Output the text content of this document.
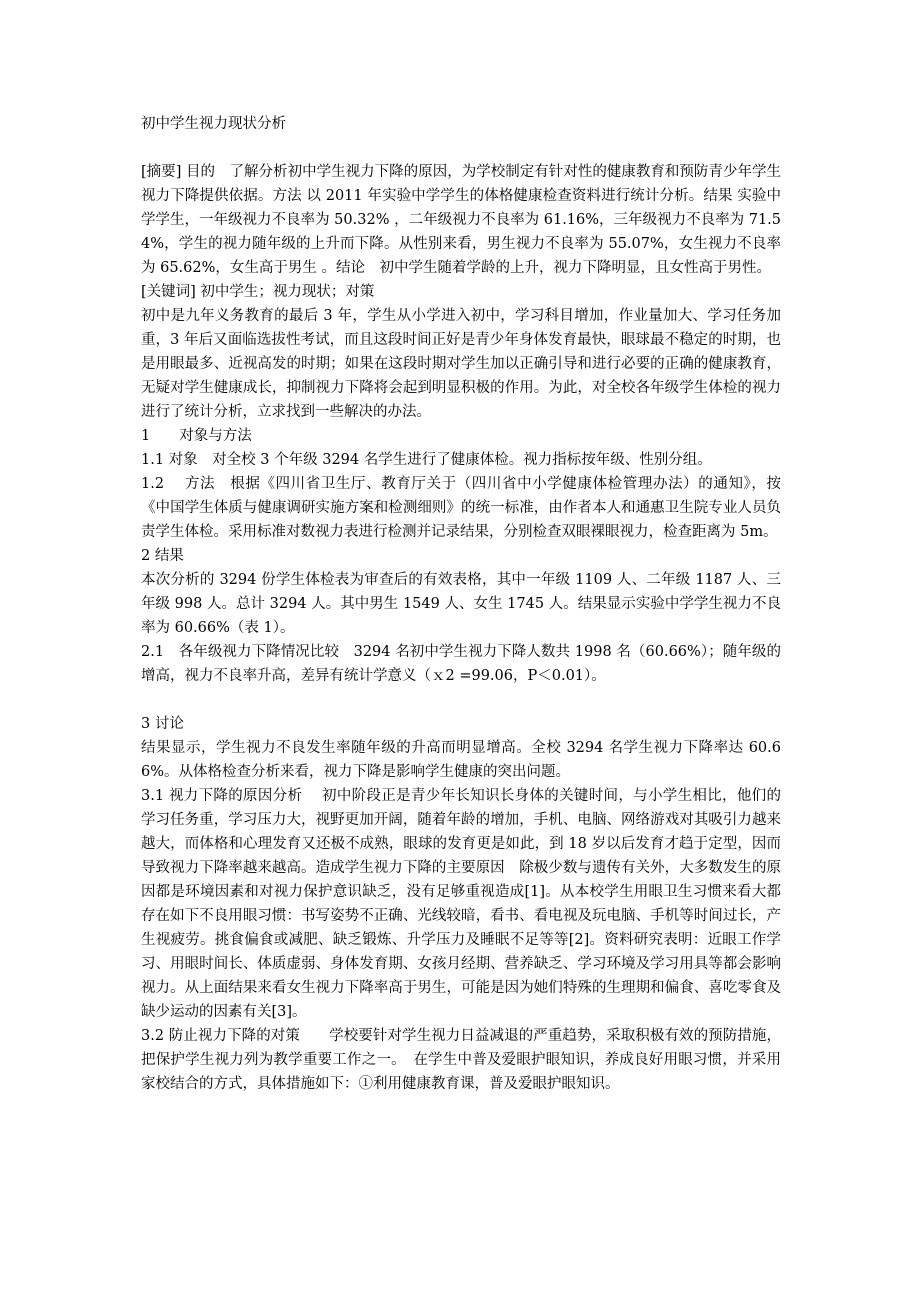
初中学生视力现状分析

[摘要] 目的　了解分析初中学生视力下降的原因，为学校制定有针对性的健康教育和预防青少年学生视力下降提供依据。方法 以 2011 年实验中学学生的体格健康检查资料进行统计分析。结果 实验中学学生，一年级视力不良率为 50.32% ，二年级视力不良率为 61.16%，三年级视力不良率为 71.54%，学生的视力随年级的上升而下降。从性别来看，男生视力不良率为 55.07%，女生视力不良率为 65.62%，女生高于男生 。结论　初中学生随着学龄的上升，视力下降明显，且女性高于男性。

[关键词] 初中学生；视力现状；对策

初中是九年义务教育的最后 3 年，学生从小学进入初中，学习科目增加，作业量加大、学习任务加重，3 年后又面临选拔性考试，而且这段时间正好是青少年身体发育最快，眼球最不稳定的时期，也是用眼最多、近视高发的时期；如果在这段时期对学生加以正确引导和进行必要的正确的健康教育，无疑对学生健康成长，抑制视力下降将会起到明显积极的作用。为此，对全校各年级学生体检的视力进行了统计分析，立求找到一些解决的办法。

1　　对象与方法

1.1 对象　对全校 3 个年级 3294 名学生进行了健康体检。视力指标按年级、性别分组。

1.2　 方法　根据《四川省卫生厅、教育厅关于（四川省中小学健康体检管理办法）的通知》，按《中国学生体质与健康调研实施方案和检测细则》的统一标准，由作者本人和通惠卫生院专业人员负责学生体检。采用标准对数视力表进行检测并记录结果，分别检查双眼裸眼视力，检查距离为 5m。

2 结果

本次分析的 3294 份学生体检表为审查后的有效表格，其中一年级 1109 人、二年级 1187 人、三年级 998 人。总计 3294 人。其中男生 1549 人、女生 1745 人。结果显示实验中学学生视力不良率为 60.66%（表 1）。

2.1　各年级视力下降情况比较　3294 名初中学生视力下降人数共 1998 名（60.66%）；随年级的增高，视力不良率升高，差异有统计学意义（ｘ2 =99.06，P＜0.01）。

3 讨论

结果显示，学生视力不良发生率随年级的升高而明显增高。全校 3294 名学生视力下降率达 60.66%。从体格检查分析来看，视力下降是影响学生健康的突出问题。

3.1 视力下降的原因分析　 初中阶段正是青少年长知识长身体的关键时间，与小学生相比，他们的学习任务重，学习压力大，视野更加开阔，随着年龄的增加，手机、电脑、网络游戏对其吸引力越来越大，而体格和心理发育又还极不成熟，眼球的发育更是如此，到 18 岁以后发育才趋于定型，因而导致视力下降率越来越高。造成学生视力下降的主要原因　除极少数与遗传有关外，大多数发生的原因都是环境因素和对视力保护意识缺乏，没有足够重视造成[1]。从本校学生用眼卫生习惯来看大都存在如下不良用眼习惯：书写姿势不正确、光线较暗，看书、看电视及玩电脑、手机等时间过长，产生视疲劳。挑食偏食或减肥、缺乏锻炼、升学压力及睡眠不足等等[2]。资料研究表明：近眼工作学习、用眼时间长、体质虚弱、身体发育期、女孩月经期、营养缺乏、学习环境及学习用具等都会影响视力。从上面结果来看女生视力下降率高于男生，可能是因为她们特殊的生理期和偏食、喜吃零食及缺少运动的因素有关[3]。

3.2 防止视力下降的对策　　学校要针对学生视力日益减退的严重趋势，采取积极有效的预防措施，把保护学生视力列为教学重要工作之一。　在学生中普及爱眼护眼知识，养成良好用眼习惯，并采用家校结合的方式，具体措施如下：①利用健康教育课，普及爱眼护眼知识。
